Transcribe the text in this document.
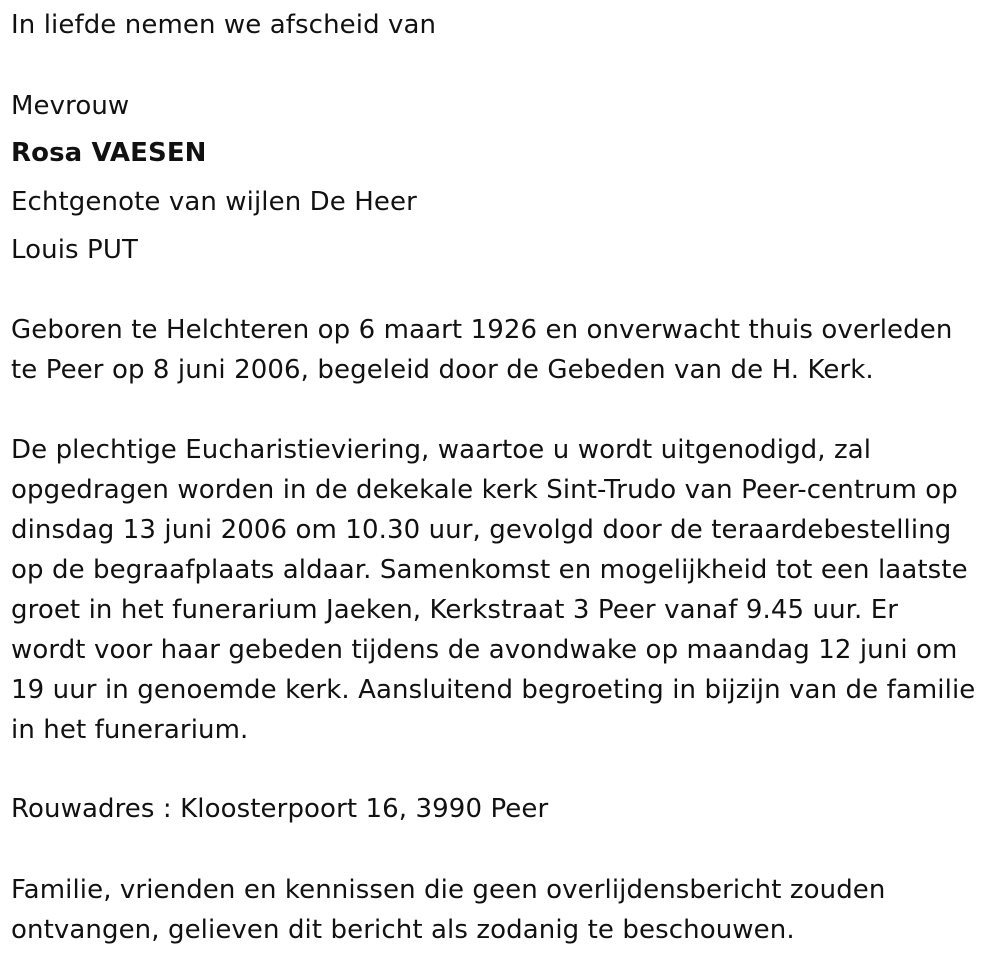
In liefde nemen we afscheid van
Mevrouw
Rosa VAESEN
Echtgenote van wijlen De Heer
Louis PUT
Geboren te Helchteren op 6 maart 1926 en onverwacht thuis overleden
te Peer op 8 juni 2006, begeleid door de Gebeden van de H. Kerk.
De plechtige Eucharistieviering, waartoe u wordt uitgenodigd, zal
opgedragen worden in de dekekale kerk Sint-Trudo van Peer-centrum op
dinsdag 13 juni 2006 om 10.30 uur, gevolgd door de teraardebestelling
op de begraafplaats aldaar. Samenkomst en mogelijkheid tot een laatste
groet in het funerarium Jaeken, Kerkstraat 3 Peer vanaf 9.45 uur. Er
wordt voor haar gebeden tijdens de avondwake op maandag 12 juni om
19 uur in genoemde kerk. Aansluitend begroeting in bijzijn van de familie
in het funerarium.
Rouwadres : Kloosterpoort 16, 3990 Peer
Familie, vrienden en kennissen die geen overlijdensbericht zouden
ontvangen, gelieven dit bericht als zodanig te beschouwen.
